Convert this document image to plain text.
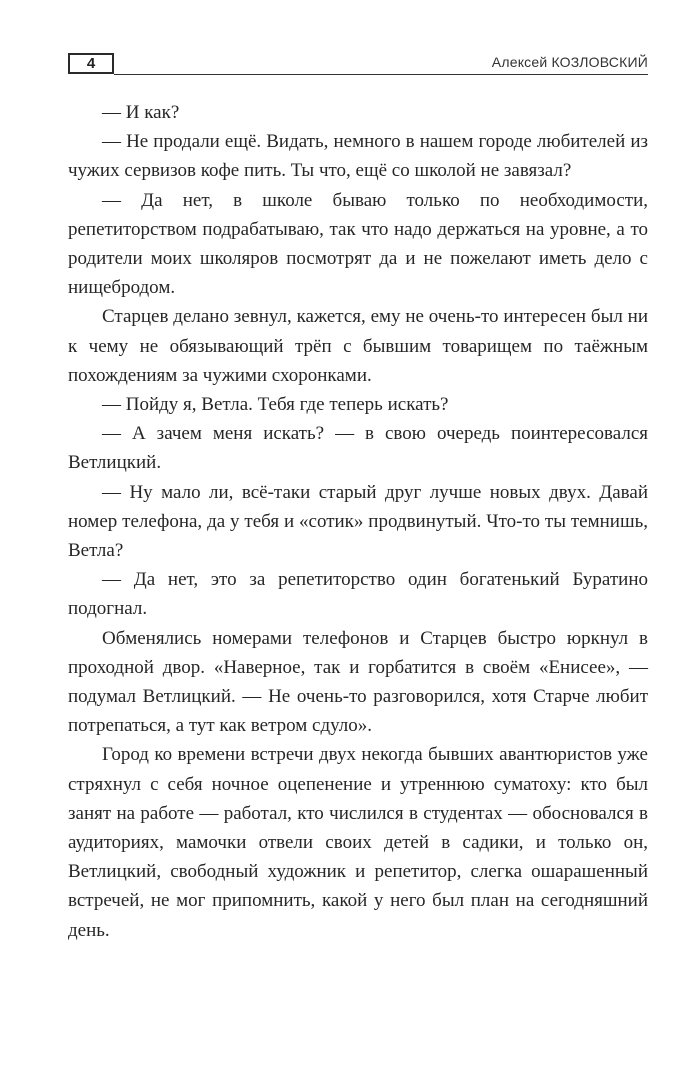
4	Алексей КОЗЛОВСКИЙ

— И как?

— Не продали ещё. Видать, немного в нашем городе любителей из чужих сервизов кофе пить. Ты что, ещё со школой не завязал?

— Да нет, в школе бываю только по необходимости, репетиторством подрабатываю, так что надо держаться на уровне, а то родители моих школяров посмотрят да и не пожелают иметь дело с нищебродом.

Старцев делано зевнул, кажется, ему не очень-то интересен был ни к чему не обязывающий трёп с бывшим товарищем по таёжным похождениям за чужими схоронками.

— Пойду я, Ветла. Тебя где теперь искать?

— А зачем меня искать? — в свою очередь поинтересовался Ветлицкий.

— Ну мало ли, всё-таки старый друг лучше новых двух. Давай номер телефона, да у тебя и «сотик» продвинутый. Что-то ты темнишь, Ветла?

— Да нет, это за репетиторство один богатенький Буратино подогнал.

Обменялись номерами телефонов и Старцев быстро юркнул в проходной двор. «Наверное, так и горбатится в своём «Енисее», — подумал Ветлицкий. — Не очень-то разговорился, хотя Старче любит потрепаться, а тут как ветром сдуло».

Город ко времени встречи двух некогда бывших авантюристов уже стряхнул с себя ночное оцепенение и утреннюю суматоху: кто был занят на работе — работал, кто числился в студентах — обосновался в аудиториях, мамочки отвели своих детей в садики, и только он, Ветлицкий, свободный художник и репетитор, слегка ошарашенный встречей, не мог припомнить, какой у него был план на сегодняшний день.
